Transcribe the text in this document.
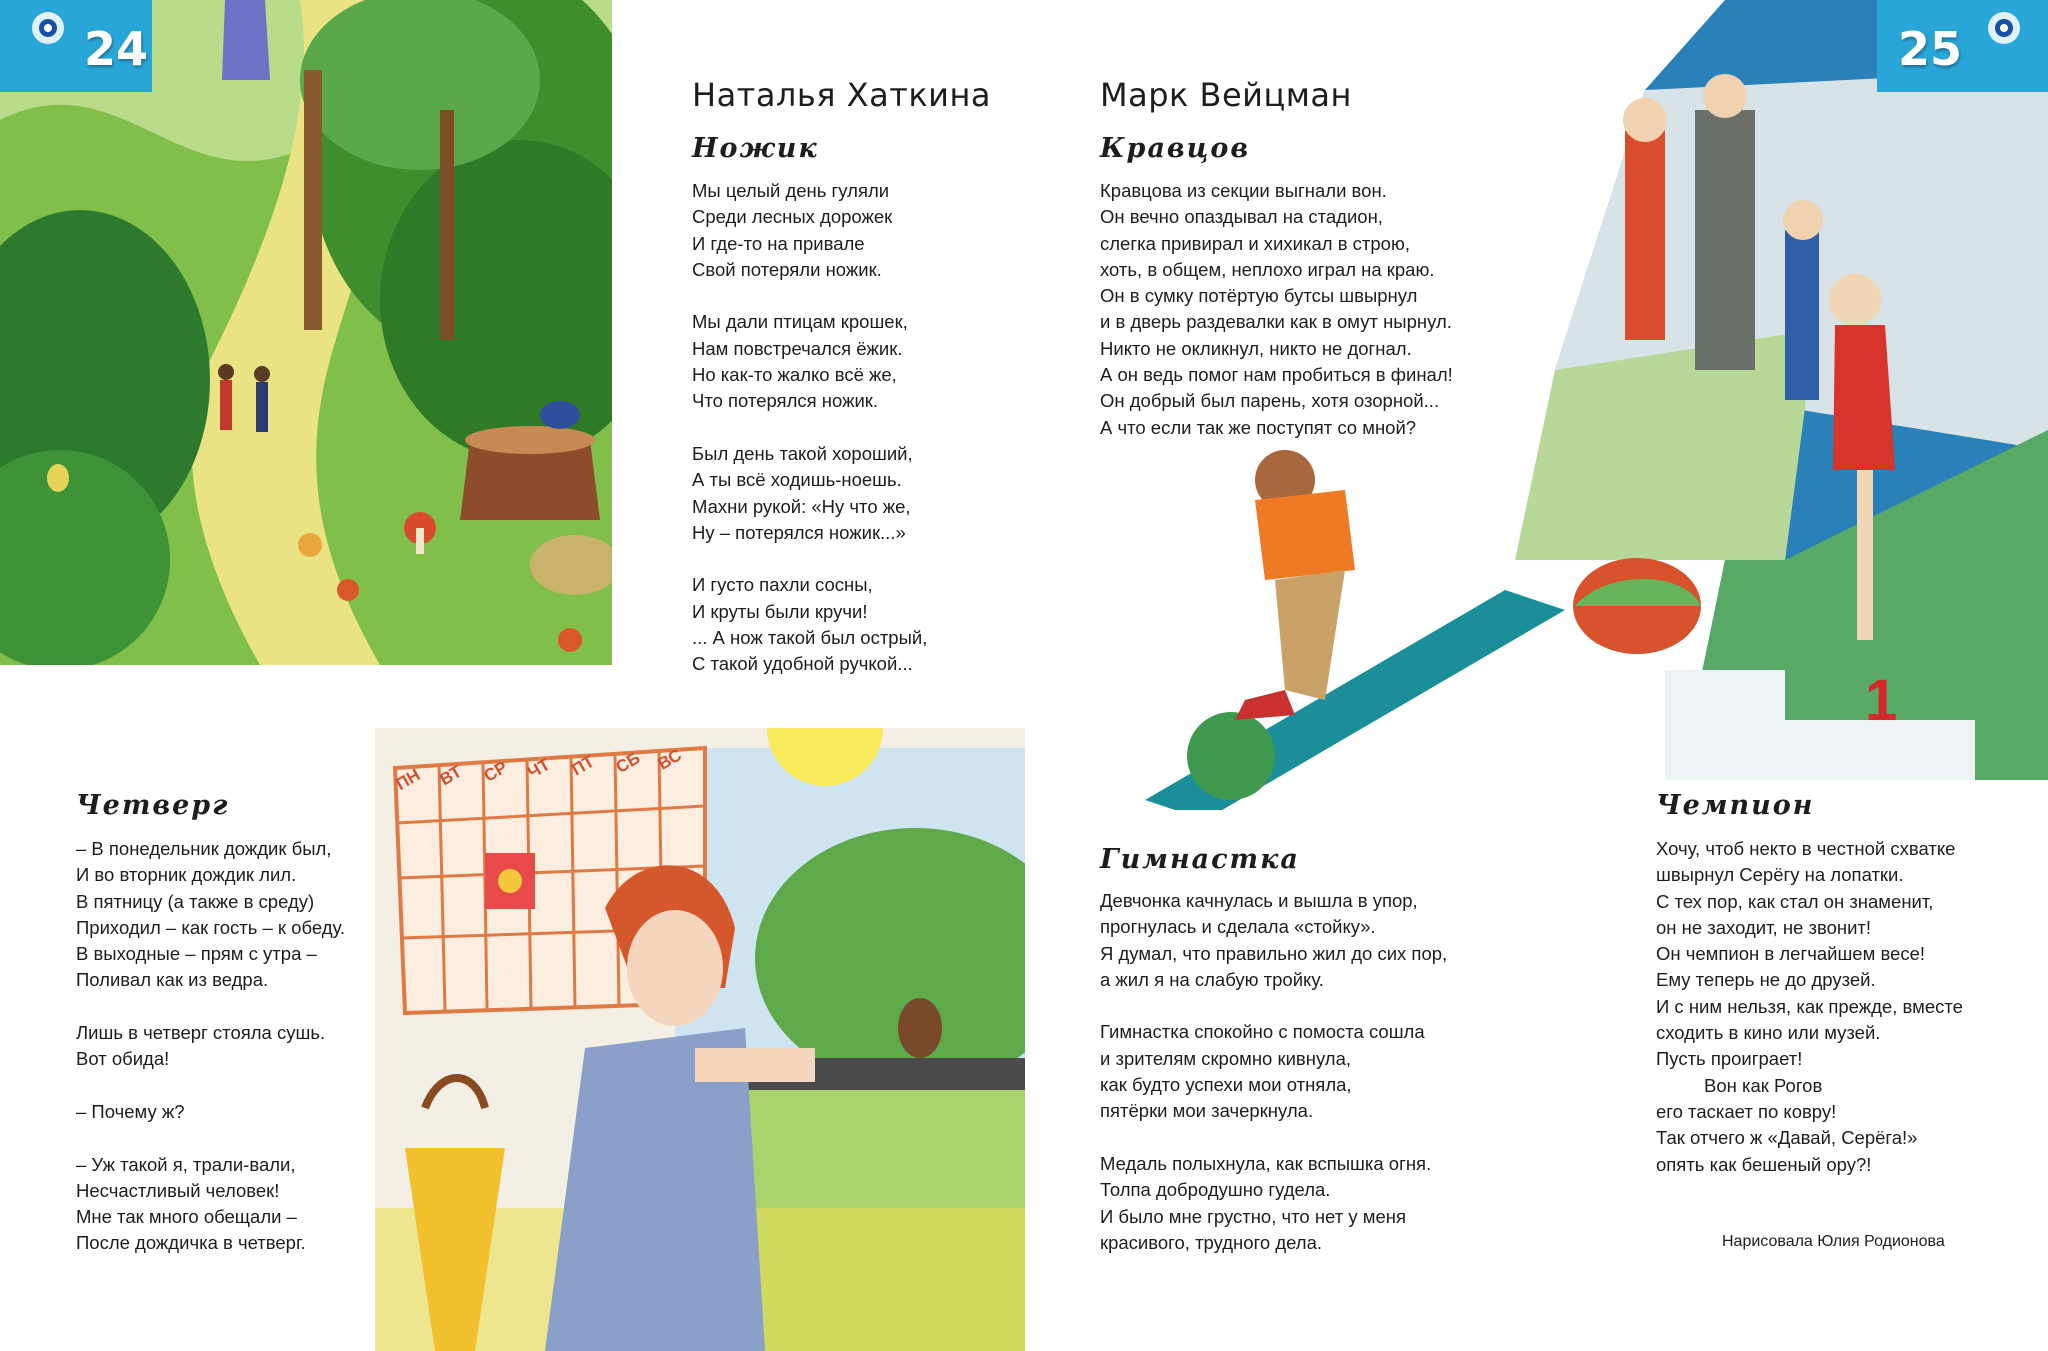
1
24	25
Наталья Хаткина	Марк Вейцман
Ножик
Мы целый день гуляли
Среди лесных дорожек
И где-то на привале
Свой потеряли ножик.
Мы дали птицам крошек,
Нам повстречался ёжик.
Но как-то жалко всё же,
Что потерялся ножик.
Был день такой хороший,
А ты всё ходишь-ноешь.
Махни рукой: «Ну что же,
Ну – потерялся ножик...»
И густо пахли сосны,
И круты были кручи!
... А нож такой был острый,
С такой удобной ручкой...
Кравцов
Кравцова из секции выгнали вон.
Он вечно опаздывал на стадион,
слегка привирал и хихикал в строю,
хоть, в общем, неплохо играл на краю.
Он в сумку потёртую бутсы швырнул
и в дверь раздевалки как в омут нырнул.
Никто не окликнул, никто не догнал.
А он ведь помог нам пробиться в финал!
Он добрый был парень, хотя озорной...
А что если так же поступят со мной?
Четверг
– В понедельник дождик был,
И во вторник дождик лил.
В пятницу (а также в среду)
Приходил – как гость – к обеду.
В выходные – прям с утра –
Поливал как из ведра.
Лишь в четверг стояла сушь.
Вот обида!
– Почему ж?
– Уж такой я, трали-вали,
Несчастливый человек!
Мне так много обещали –
После дождичка в четверг.
Гимнастка
Девчонка качнулась и вышла в упор,
прогнулась и сделала «стойку».
Я думал, что правильно жил до сих пор,
а жил я на слабую тройку.
Гимнастка спокойно с помоста сошла
и зрителям скромно кивнула,
как будто успехи мои отняла,
пятёрки мои зачеркнула.
Медаль полыхнула, как вспышка огня.
Толпа добродушно гудела.
И было мне грустно, что нет у меня
красивого, трудного дела.
Чемпион
Хочу, чтоб некто в честной схватке
швырнул Серёгу на лопатки.
С тех пор, как стал он знаменит,
он не заходит, не звонит!
Он чемпион в легчайшем весе!
Ему теперь не до друзей.
И с ним нельзя, как прежде, вместе
сходить в кино или музей.
Пусть проиграет!
Вон как Рогов
его таскает по ковру!
Так отчего ж «Давай, Серёга!»
опять как бешеный ору?!
ПН ВТ СР ЧТ ПТ СБ ВС
Нарисовала Юлия Родионова
